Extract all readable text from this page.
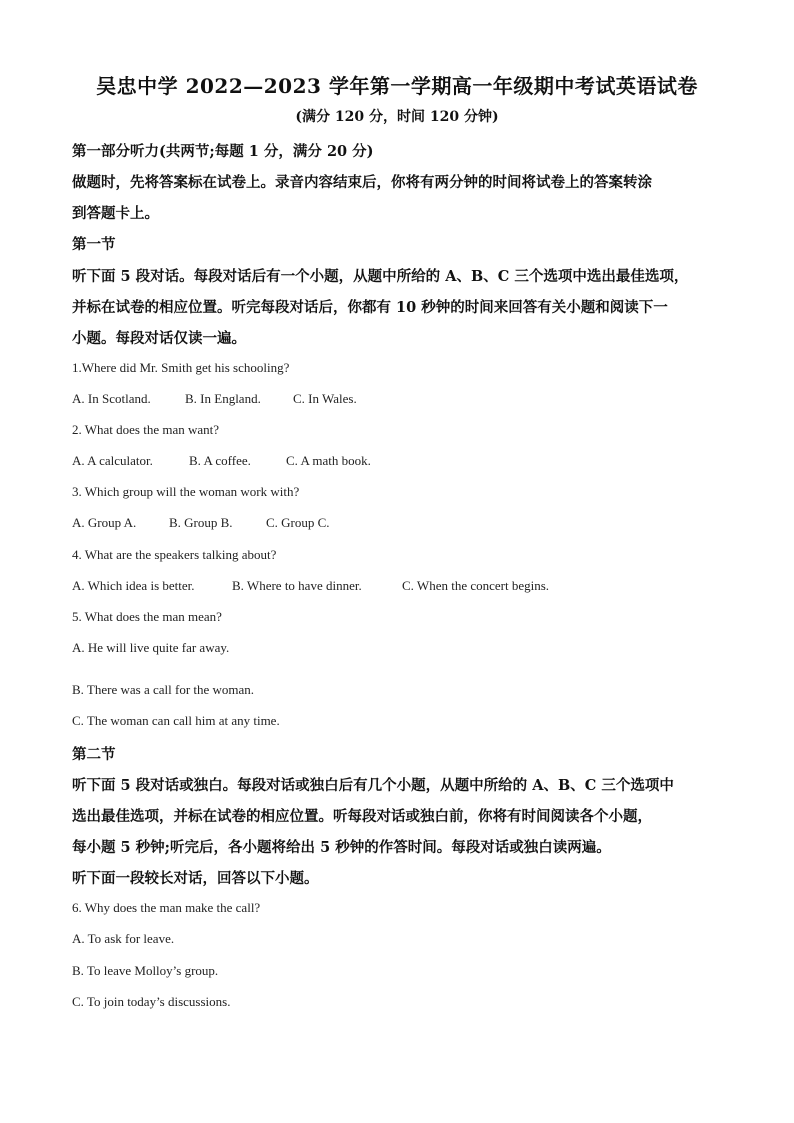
吴忠中学 2022—2023 学年第一学期高一年级期中考试英语试卷
(满分 120 分，时间 120 分钟)
第一部分听力(共两节;每题 1 分，满分 20 分)
做题时，先将答案标在试卷上。录音内容结束后，你将有两分钟的时间将试卷上的答案转涂
到答题卡上。
第一节
听下面 5 段对话。每段对话后有一个小题，从题中所给的 A、B、C 三个选项中选出最佳选项，
并标在试卷的相应位置。听完每段对话后，你都有 10 秒钟的时间来回答有关小题和阅读下一
小题。每段对话仅读一遍。
1.Where did Mr. Smith get his schooling?
A. In Scotland.	B. In England. C. In Wales.
2. What does the man want?
A. A calculator.	B. A coffee.	C. A math book.
3. Which group will the woman work with?
A. Group A.	B. Group B.	C. Group C.
4. What are the speakers talking about?
A. Which idea is better.	B. Where to have dinner.	C. When the concert begins.
5. What does the man mean?
A. He will live quite far away.
B. There was a call for the woman.
C. The woman can call him at any time.
第二节
听下面 5 段对话或独白。每段对话或独白后有几个小题，从题中所给的 A、B、C 三个选项中
选出最佳选项，并标在试卷的相应位置。听每段对话或独白前，你将有时间阅读各个小题，
每小题 5 秒钟;听完后，各小题将给出 5 秒钟的作答时间。每段对话或独白读两遍。
听下面一段较长对话，回答以下小题。
6. Why does the man make the call?
A. To ask for leave.
B. To leave Molloy’s group.
C. To join today’s discussions.
